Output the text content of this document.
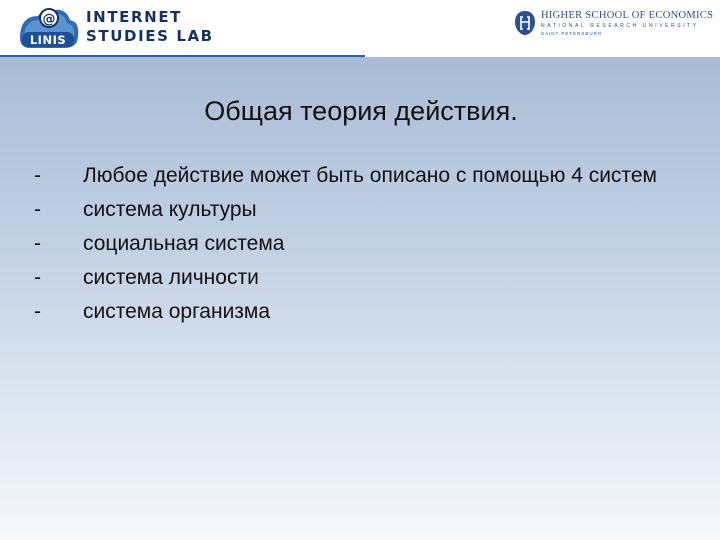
@
LINIS
INTERNET
STUDIES LAB
HIGHER SCHOOL OF ECONOMICS
NATIONAL RESEARCH UNIVERSITY
SAINT PETERSBURG
Общая теория действия.
- Любое действие может быть описано с помощью 4 систем
- система культуры
- социальная система
- система личности
- система организма
